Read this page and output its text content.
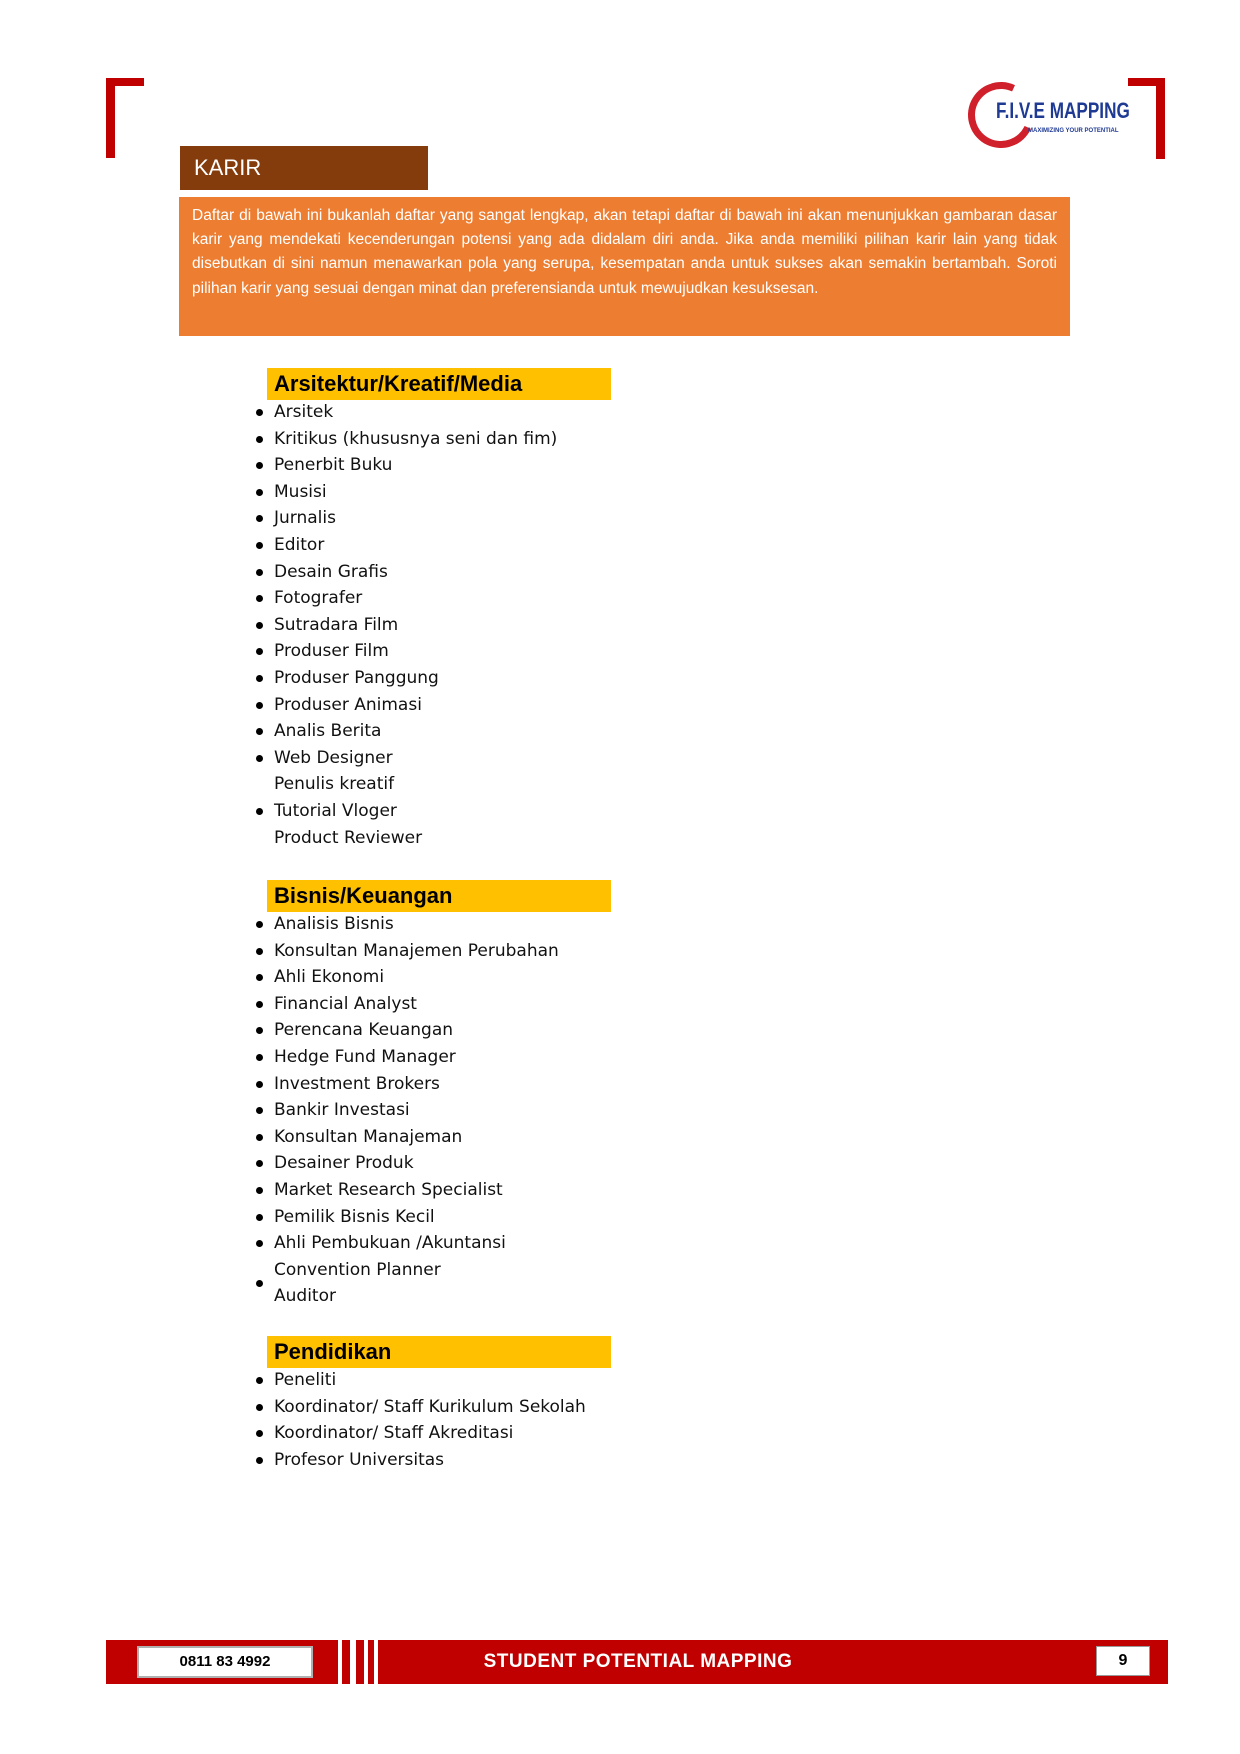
F.I.V.E MAPPING
MAXIMIZING YOUR POTENTIAL
KARIR
Daftar di bawah ini bukanlah daftar yang sangat lengkap, akan tetapi daftar di bawah ini akan menunjukkan gambaran dasar karir yang mendekati kecenderungan potensi yang ada didalam diri anda. Jika anda memiliki pilihan karir lain yang tidak disebutkan di sini namun menawarkan pola yang serupa, kesempatan anda untuk sukses akan semakin bertambah. Soroti pilihan karir yang sesuai dengan minat dan preferensianda untuk mewujudkan kesuksesan.
Arsitektur/Kreatif/Media
Arsitek
Kritikus (khususnya seni dan fim)
Penerbit Buku
Musisi
Jurnalis
Editor
Desain Grafis
Fotografer
Sutradara Film
Produser Film
Produser Panggung
Produser Animasi
Analis Berita
Web Designer
Penulis kreatif
Tutorial Vloger
Product Reviewer
Bisnis/Keuangan
Analisis Bisnis
Konsultan Manajemen Perubahan
Ahli Ekonomi
Financial Analyst
Perencana Keuangan
Hedge Fund Manager
Investment Brokers
Bankir Investasi
Konsultan Manajeman
Desainer Produk
Market Research Specialist
Pemilik Bisnis Kecil
Ahli Pembukuan /Akuntansi
Convention Planner
Auditor
Pendidikan
Peneliti
Koordinator/ Staff Kurikulum Sekolah
Koordinator/ Staff Akreditasi
Profesor Universitas
0811 83 4992	STUDENT POTENTIAL MAPPING	9
